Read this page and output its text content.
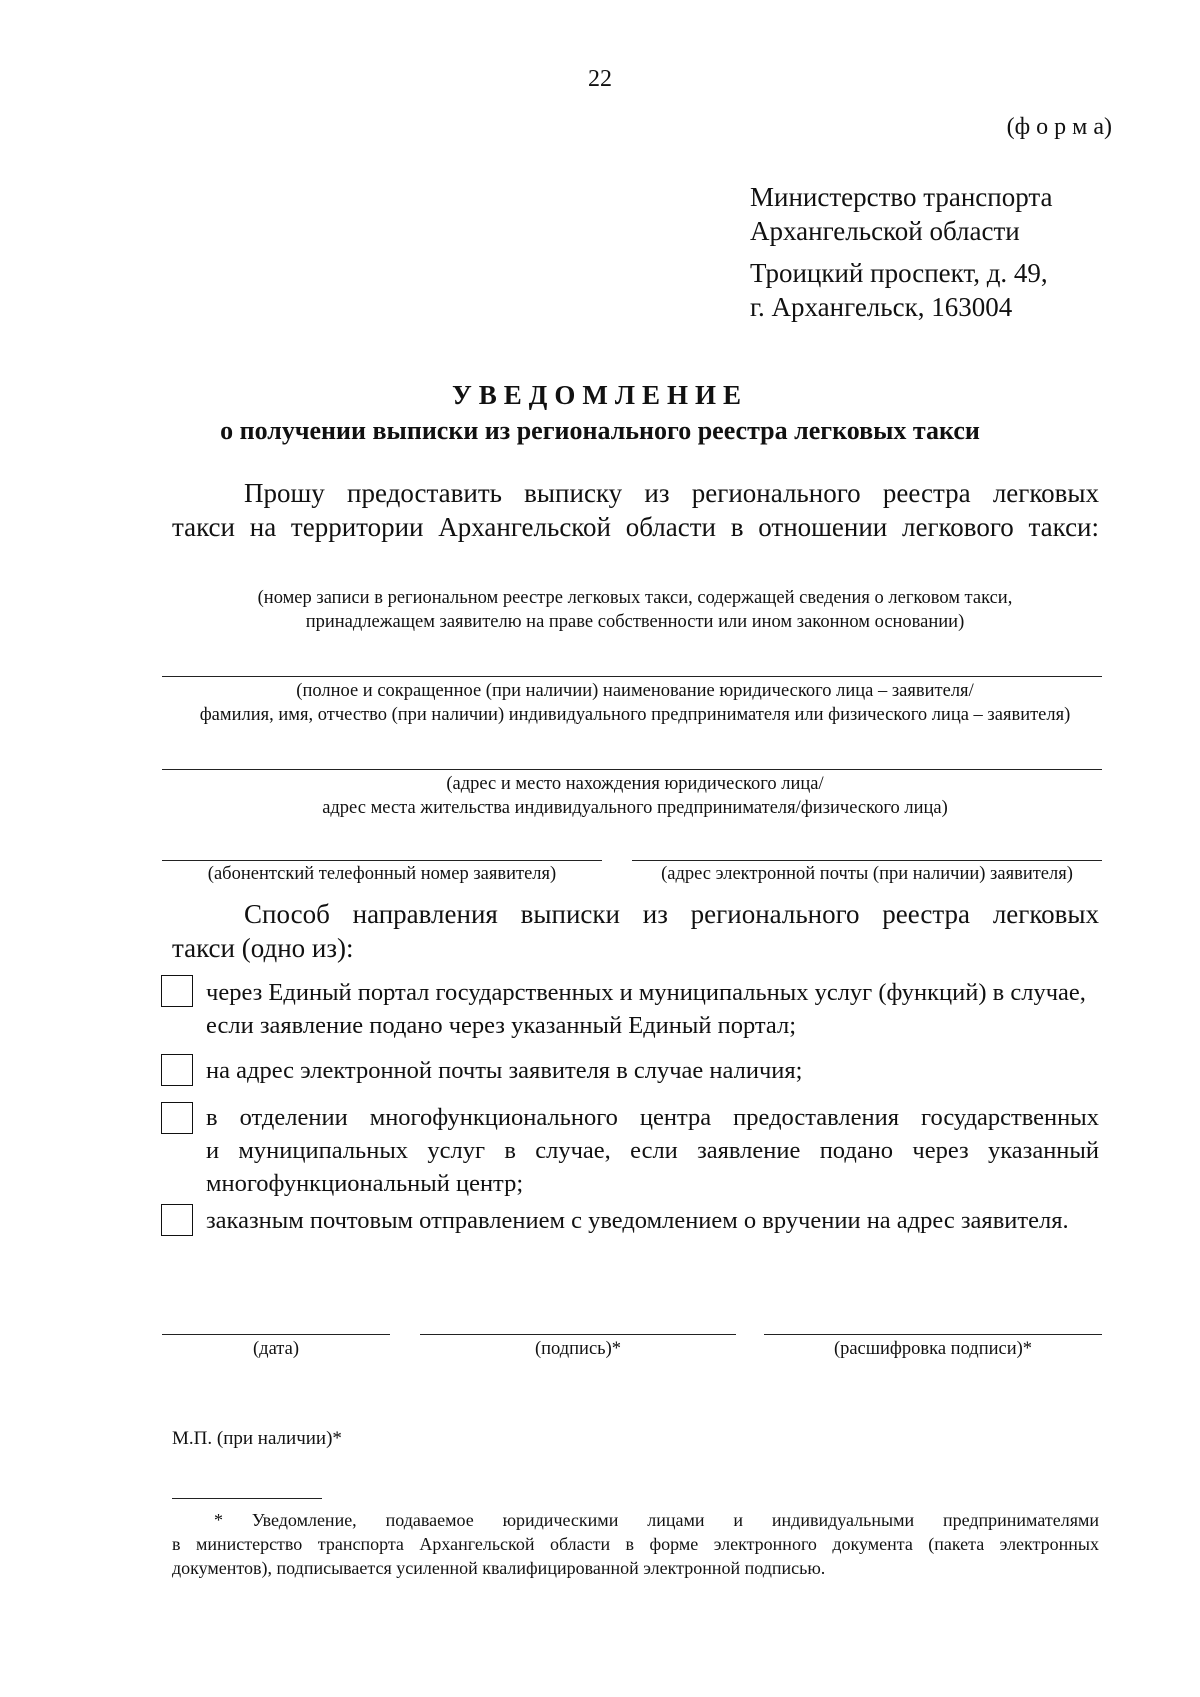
22
(ф о р м а)
Министерство транспорта
Архангельской области
Троицкий проспект, д. 49,
г. Архангельск, 163004
УВЕДОМЛЕНИЕ
о получении выписки из регионального реестра легковых такси
Прошу предоставить выписку из регионального реестра легковых
такси на территории Архангельской области в отношении легкового такси:
(номер записи в региональном реестре легковых такси, содержащей сведения о легковом такси,
принадлежащем заявителю на праве собственности или ином законном основании)
(полное и сокращенное (при наличии) наименование юридического лица – заявителя/
фамилия, имя, отчество (при наличии) индивидуального предпринимателя или физического лица – заявителя)
(адрес и место нахождения юридического лица/
адрес места жительства индивидуального предпринимателя/физического лица)
(абонентский телефонный номер заявителя)	(адрес электронной почты (при наличии) заявителя)
Способ направления выписки из регионального реестра легковых
такси (одно из):
через Единый портал государственных и муниципальных услуг (функций) в случае,
если заявление подано через указанный Единый портал;
на адрес электронной почты заявителя в случае наличия;
в отделении многофункционального центра предоставления государственных
и муниципальных услуг в случае, если заявление подано через указанный
многофункциональный центр;
заказным почтовым отправлением с уведомлением о вручении на адрес заявителя.
(дата)	(подпись)*	(расшифровка подписи)*
М.П. (при наличии)*
* Уведомление, подаваемое юридическими лицами и индивидуальными предпринимателями
в министерство транспорта Архангельской области в форме электронного документа (пакета электронных
документов), подписывается усиленной квалифицированной электронной подписью.
